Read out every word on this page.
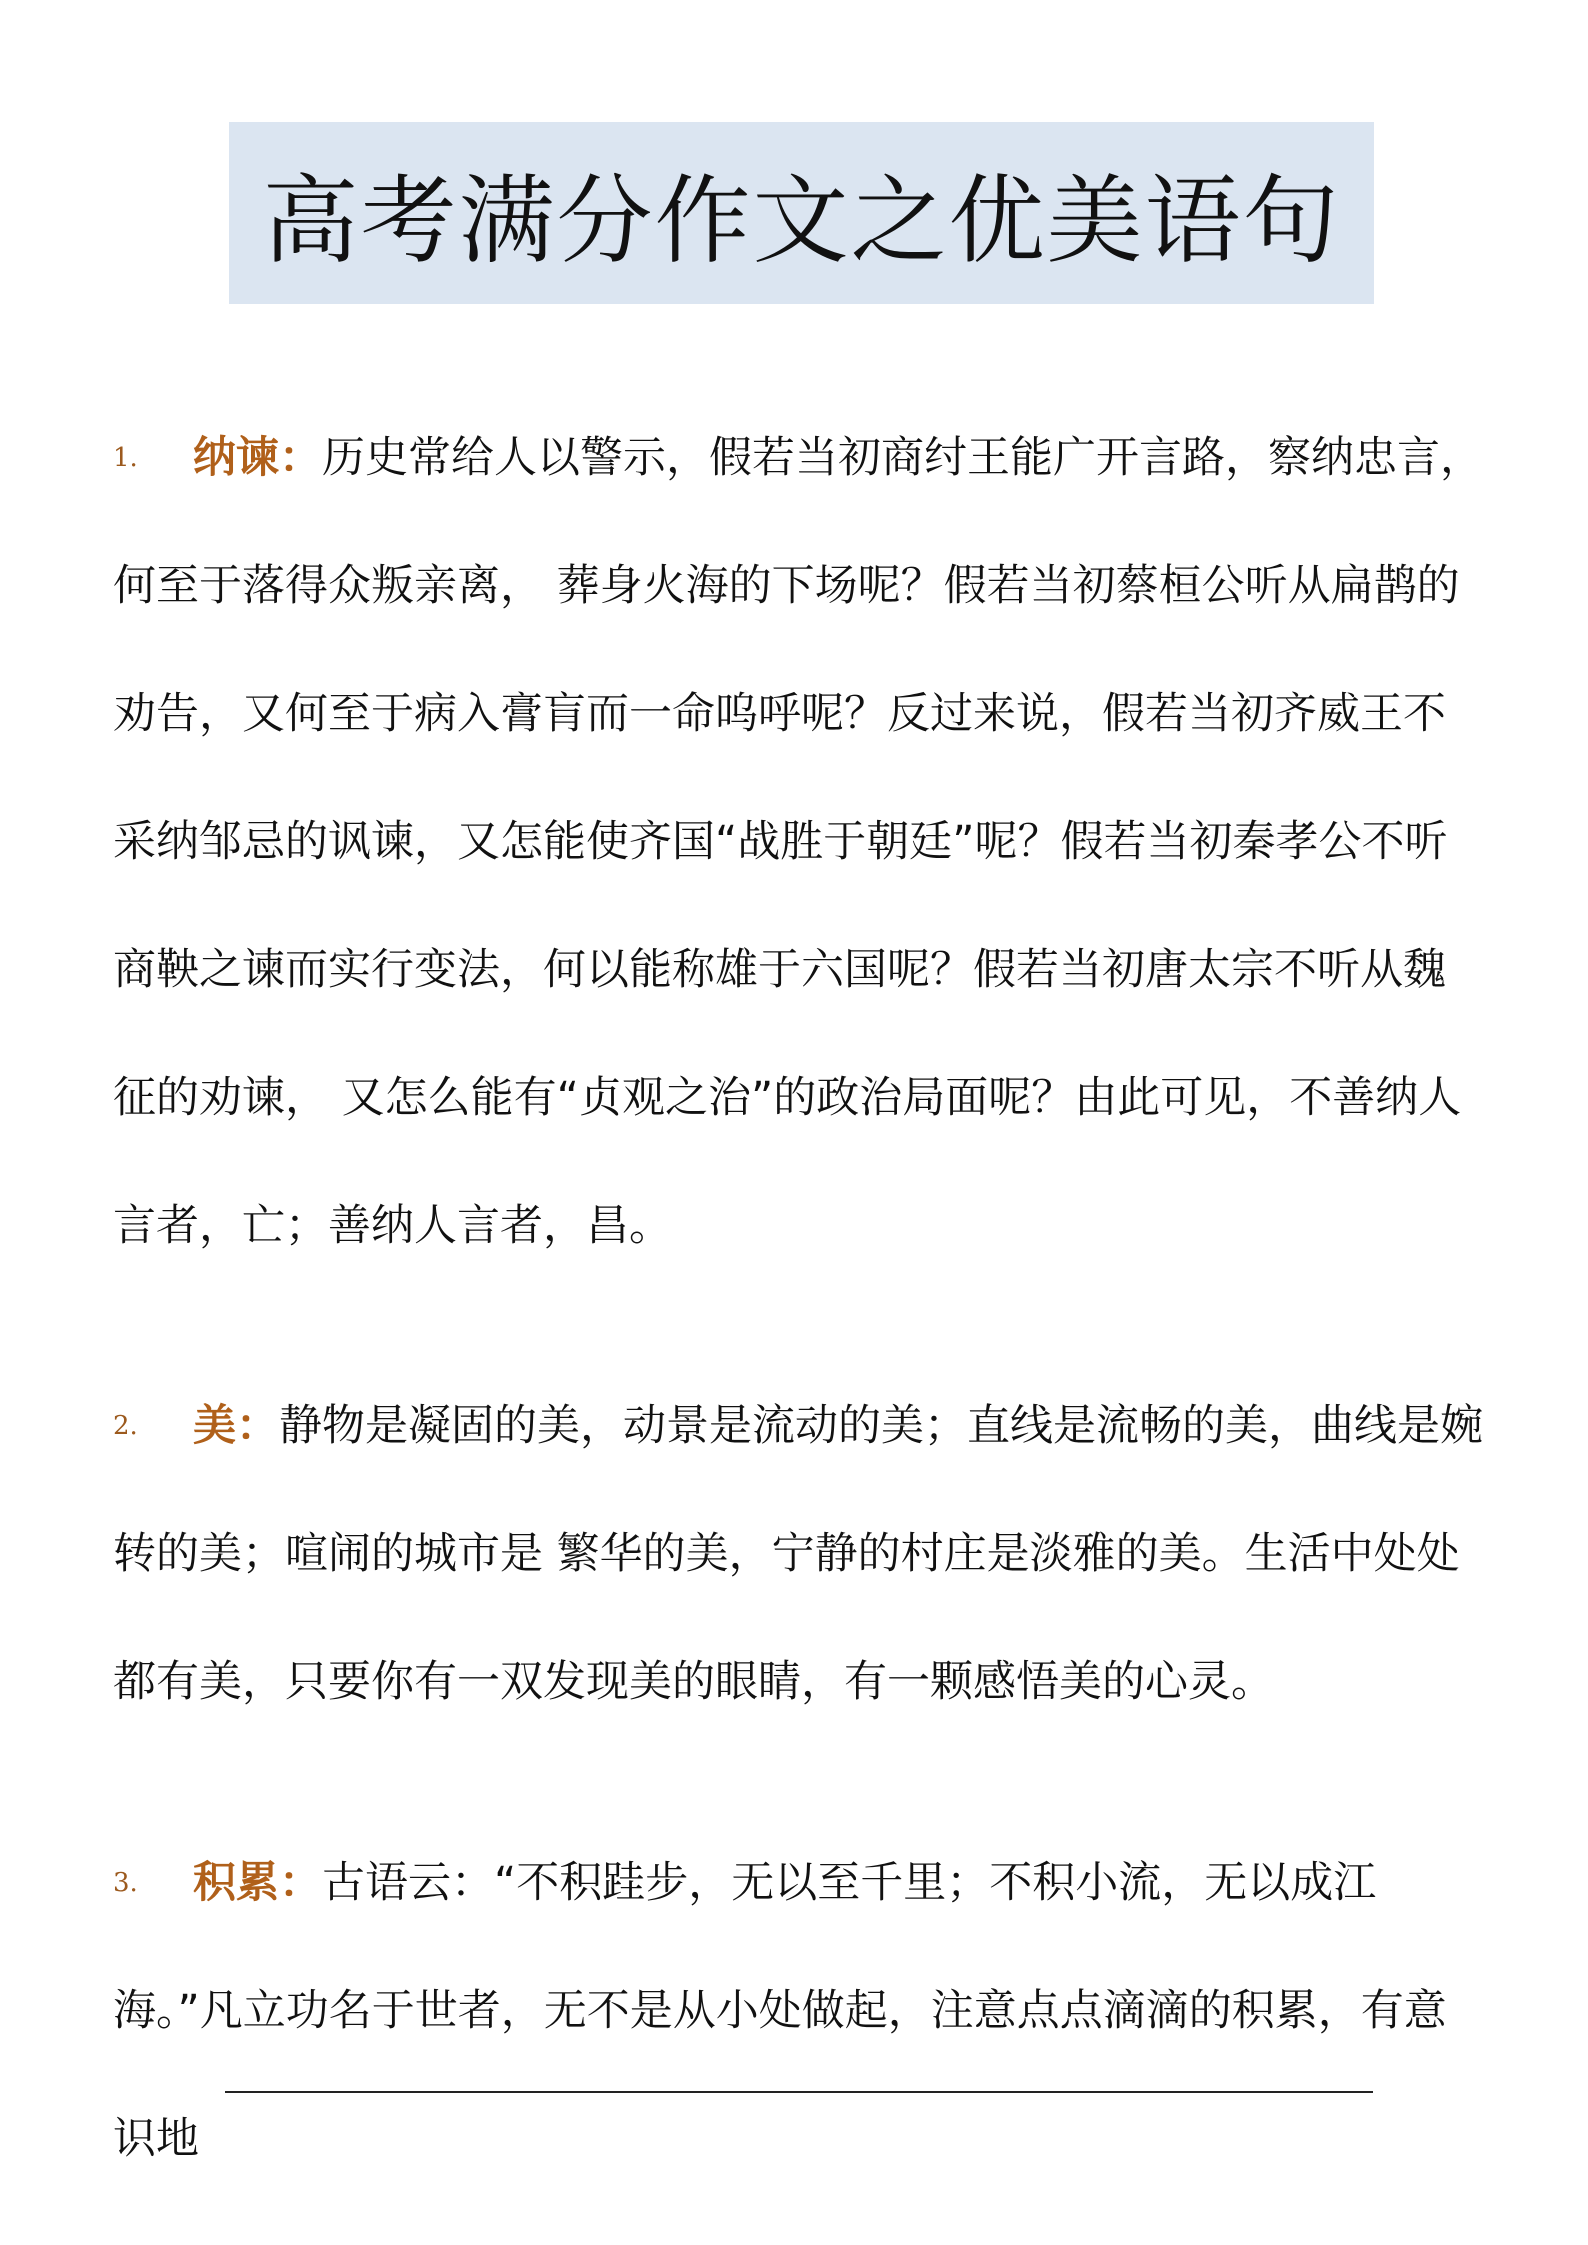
高考满分作文之优美语句
1.	纳谏：历史常给人以警示，假若当初商纣王能广开言路，察纳忠言，何至于落得众叛亲离， 葬身火海的下场呢？假若当初蔡桓公听从扁鹊的劝告，又何至于病入膏肓而一命呜呼呢？反过来说，假若当初齐威王不采纳邹忌的讽谏，又怎能使齐国“战胜于朝廷”呢？假若当初秦孝公不听商鞅之谏而实行变法，何以能称雄于六国呢？假若当初唐太宗不听从魏征的劝谏， 又怎么能有“贞观之治”的政治局面呢？由此可见，不善纳人言者，亡；善纳人言者，昌。

2.	美：静物是凝固的美，动景是流动的美；直线是流畅的美，曲线是婉转的美；喧闹的城市是 繁华的美，宁静的村庄是淡雅的美。生活中处处都有美，只要你有一双发现美的眼睛，有一颗感悟美的心灵。

3.	积累：古语云：“不积跬步，无以至千里；不积小流，无以成江海。”凡立功名于世者，无不是从小处做起，注意点点滴滴的积累，有意识地
